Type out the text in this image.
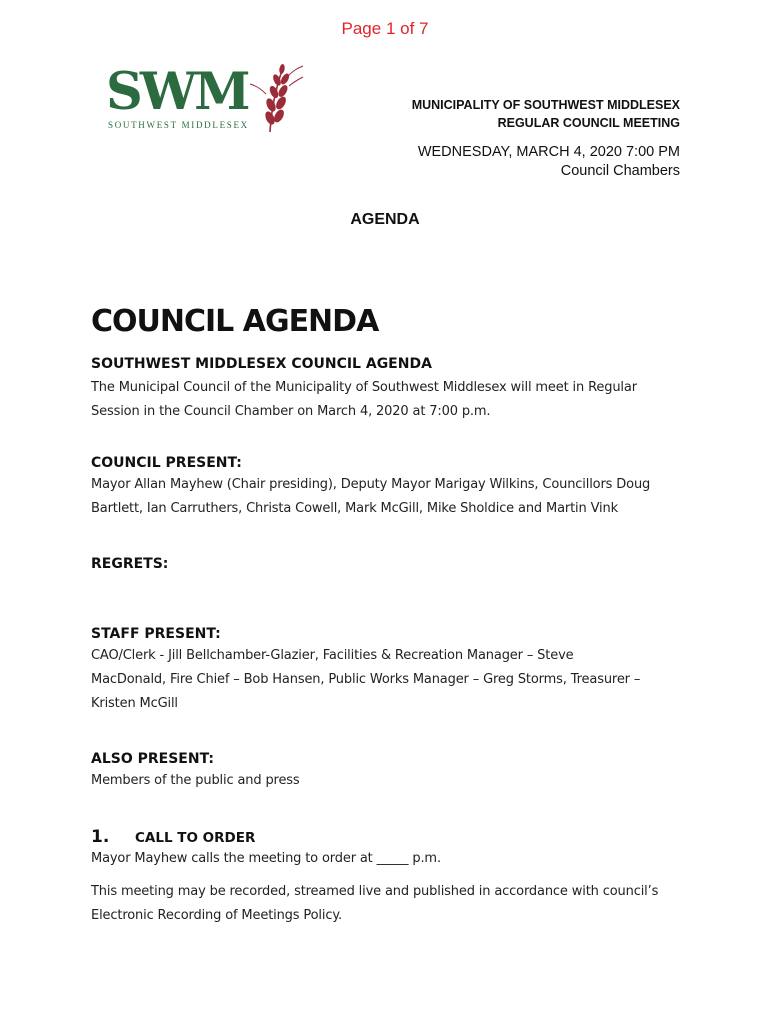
Page 1 of 7
SWM
SOUTHWEST MIDDLESEX
MUNICIPALITY OF SOUTHWEST MIDDLESEX
REGULAR COUNCIL MEETING
WEDNESDAY, MARCH 4, 2020 7:00 PM
Council Chambers
AGENDA
COUNCIL AGENDA
SOUTHWEST MIDDLESEX COUNCIL AGENDA

The Municipal Council of the Municipality of Southwest Middlesex will meet in Regular

Session in the Council Chamber on March 4, 2020 at 7:00 p.m.

COUNCIL PRESENT:

Mayor Allan Mayhew (Chair presiding), Deputy Mayor Marigay Wilkins, Councillors Doug

Bartlett, Ian Carruthers, Christa Cowell, Mark McGill, Mike Sholdice and Martin Vink

REGRETS:
STAFF PRESENT:

CAO/Clerk - Jill Bellchamber-Glazier, Facilities & Recreation Manager – Steve

MacDonald, Fire Chief – Bob Hansen, Public Works Manager – Greg Storms, Treasurer –

Kristen McGill

ALSO PRESENT:

Members of the public and press

1.	CALL TO ORDER

Mayor Mayhew calls the meeting to order at _____ p.m.

This meeting may be recorded, streamed live and published in accordance with council’s

Electronic Recording of Meetings Policy.
